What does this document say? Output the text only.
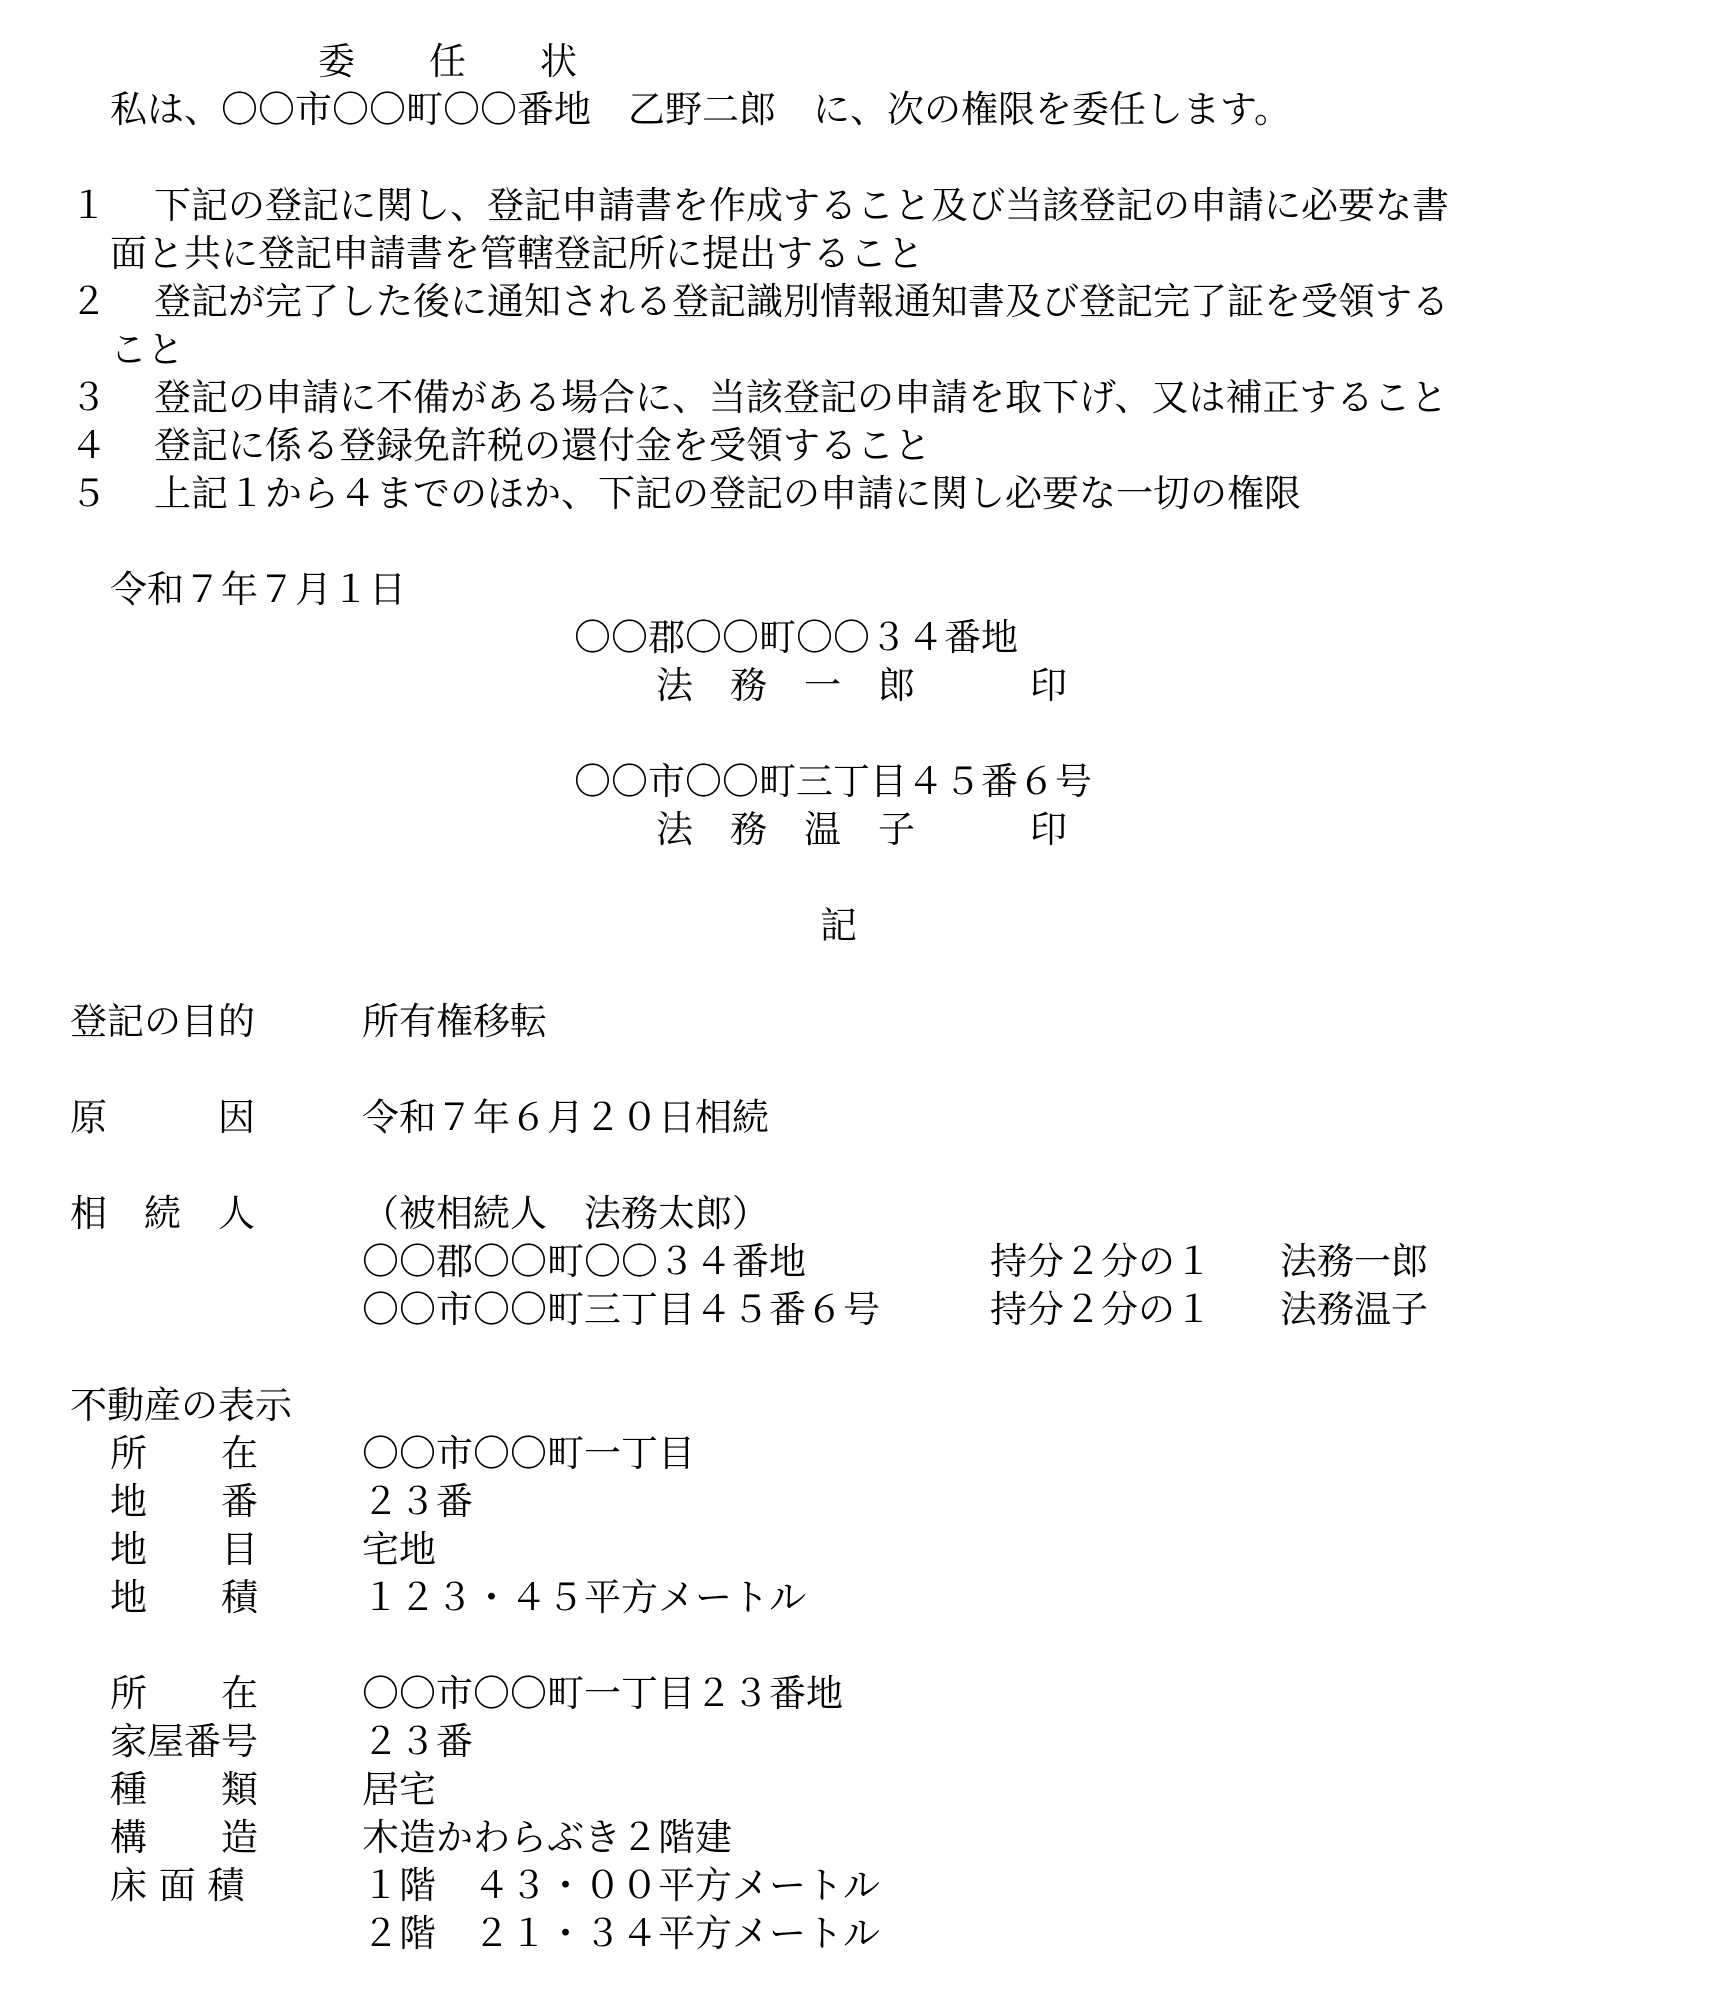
委　　任　　状
私は、〇〇市〇〇町〇〇番地　乙野二郎　に、次の権限を委任します。
１ 下記の登記に関し、登記申請書を作成すること及び当該登記の申請に必要な書
面と共に登記申請書を管轄登記所に提出すること
２ 登記が完了した後に通知される登記識別情報通知書及び登記完了証を受領する
こと
３ 登記の申請に不備がある場合に、当該登記の申請を取下げ、又は補正すること
４ 登記に係る登録免許税の還付金を受領すること
５ 上記１から４までのほか、下記の登記の申請に関し必要な一切の権限
令和７年７月１日
〇〇郡〇〇町〇〇３４番地
法　務　一　郎	印
〇〇市〇〇町三丁目４５番６号
法　務　温　子	印
記
登記の目的	所有権移転
原　　　因	令和７年６月２０日相続
相　続　人	（被相続人　法務太郎）
〇〇郡〇〇町〇〇３４番地	持分２分の１ 法務一郎
〇〇市〇〇町三丁目４５番６号	持分２分の１ 法務温子
不動産の表示
所　　在	〇〇市〇〇町一丁目
地　　番	２３番
地　　目	宅地
地　　積	１２３・４５平方メートル
所　　在	〇〇市〇〇町一丁目２３番地
家屋番号	２３番
種　　類	居宅
構　　造	木造かわらぶき２階建
床 面 積	１階　４３・００平方メートル
２階　２１・３４平方メートル
